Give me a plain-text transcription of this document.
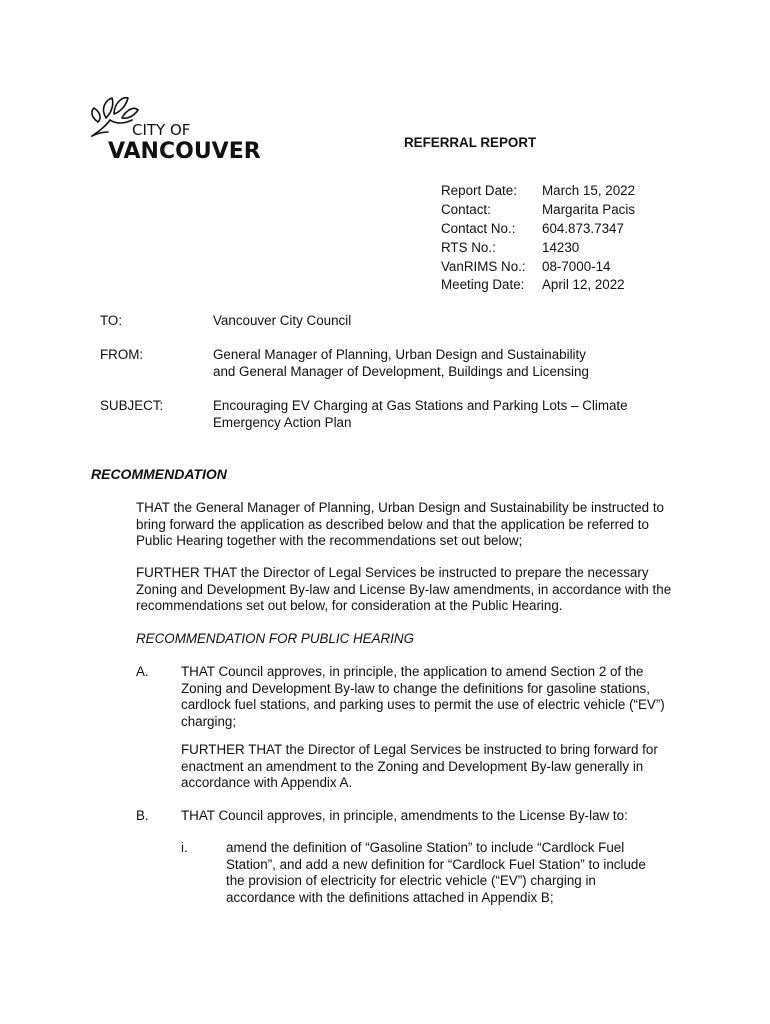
CITY OF
VANCOUVER	REFERRAL REPORT
Report Date: March 15, 2022
Contact:	Margarita Pacis
Contact No.: 604.873.7347
RTS No.:	14230
VanRIMS No.: 08-7000-14
Meeting Date: April 12, 2022
TO:	Vancouver City Council
FROM:	General Manager of Planning, Urban Design and Sustainability
and General Manager of Development, Buildings and Licensing
SUBJECT:	Encouraging EV Charging at Gas Stations and Parking Lots – Climate
Emergency Action Plan
RECOMMENDATION

THAT the General Manager of Planning, Urban Design and Sustainability be instructed to bring forward the application as described below and that the application be referred to Public Hearing together with the recommendations set out below;

FURTHER THAT the Director of Legal Services be instructed to prepare the necessary Zoning and Development By-law and License By-law amendments, in accordance with the recommendations set out below, for consideration at the Public Hearing.

RECOMMENDATION FOR PUBLIC HEARING
A. THAT Council approves, in principle, the application to amend Section 2 of the Zoning and Development By-law to change the definitions for gasoline stations, cardlock fuel stations, and parking uses to permit the use of electric vehicle (“EV”) charging;

FURTHER THAT the Director of Legal Services be instructed to bring forward for enactment an amendment to the Zoning and Development By-law generally in accordance with Appendix A.

B. THAT Council approves, in principle, amendments to the License By-law to:

i.	amend the definition of “Gasoline Station” to include “Cardlock Fuel Station”, and add a new definition for “Cardlock Fuel Station” to include the provision of electricity for electric vehicle (“EV”) charging in accordance with the definitions attached in Appendix B;
